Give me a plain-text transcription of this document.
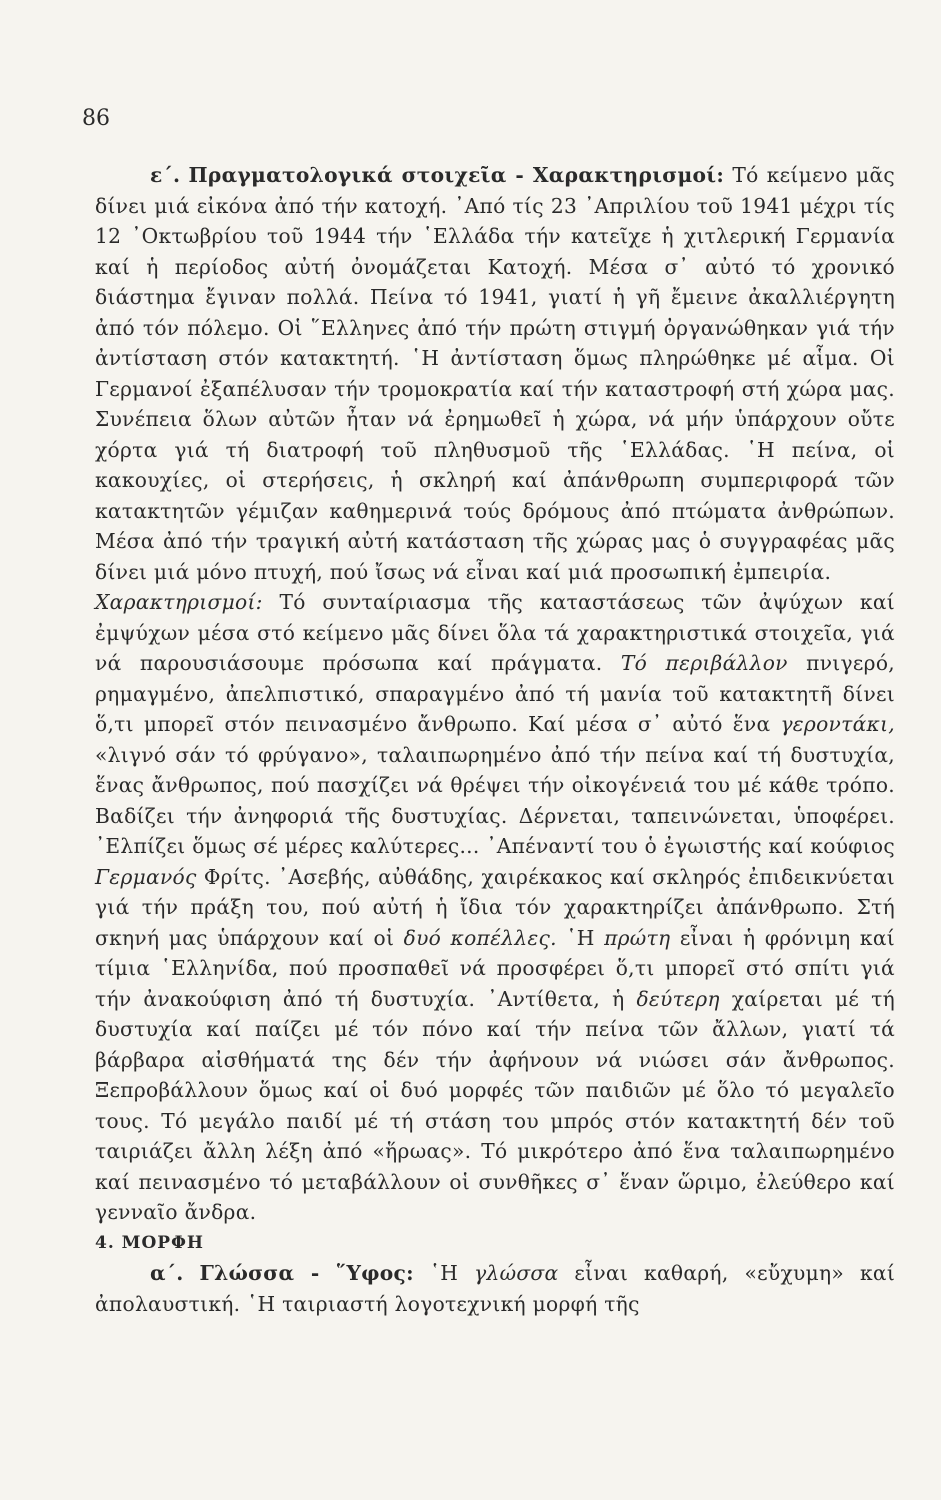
86

ε΄. Πραγματολογικά στοιχεῖα - Χαρακτηρισμοί: Τό κείμενο μᾶς δίνει μιά εἰκόνα ἀπό τήν κατοχή. ᾿Από τίς 23 ᾿Απριλίου τοῦ 1941 μέχρι τίς 12 ᾿Οκτωβρίου τοῦ 1944 τήν ῾Ελλάδα τήν κατεῖχε ἡ χιτλερική Γερμανία καί ἡ περίοδος αὐτή ὀνομάζεται Κατοχή. Μέσα σ᾿ αὐτό τό χρονικό διάστημα ἔγιναν πολλά. Πείνα τό 1941, γιατί ἡ γῆ ἔμεινε ἀκαλλιέργητη ἀπό τόν πόλεμο. Οἱ ῞Ελληνες ἀπό τήν πρώτη στιγμή ὀργανώθηκαν γιά τήν ἀντίσταση στόν κατακτητή. ῾Η ἀντίσταση ὅμως πληρώθηκε μέ αἷμα. Οἱ Γερμανοί ἐξαπέλυσαν τήν τρομοκρατία καί τήν καταστροφή στή χώρα μας. Συνέπεια ὅλων αὐτῶν ἦταν νά ἐρημωθεῖ ἡ χώρα, νά μήν ὑπάρχουν οὔτε χόρτα γιά τή διατροφή τοῦ πληθυσμοῦ τῆς ῾Ελλάδας. ῾Η πείνα, οἱ κακουχίες, οἱ στερήσεις, ἡ σκληρή καί ἀπάνθρωπη συμπεριφορά τῶν κατακτητῶν γέμιζαν καθημερινά τούς δρόμους ἀπό πτώματα ἀνθρώπων. Μέσα ἀπό τήν τραγική αὐτή κατάσταση τῆς χώρας μας ὁ συγγραφέας μᾶς δίνει μιά μόνο πτυχή, πού ἴσως νά εἶναι καί μιά προσωπική ἐμπειρία.

Χαρακτηρισμοί: Τό συνταίριασμα τῆς καταστάσεως τῶν ἀψύχων καί ἐμψύχων μέσα στό κείμενο μᾶς δίνει ὅλα τά χαρακτηριστικά στοιχεῖα, γιά νά παρουσιάσουμε πρόσωπα καί πράγματα. Τό περιβάλλον πνιγερό, ρημαγμένο, ἀπελπιστικό, σπαραγμένο ἀπό τή μανία τοῦ κατακτητῆ δίνει ὅ,τι μπορεῖ στόν πεινασμένο ἄνθρωπο. Καί μέσα σ᾿ αὐτό ἕνα γεροντάκι, «λιγνό σάν τό φρύγανο», ταλαιπωρημένο ἀπό τήν πείνα καί τή δυστυχία, ἕνας ἄνθρωπος, πού πασχίζει νά θρέψει τήν οἰκογένειά του μέ κάθε τρόπο. Βαδίζει τήν ἀνηφοριά τῆς δυστυχίας. Δέρνεται, ταπεινώνεται, ὑποφέρει. ᾿Ελπίζει ὅμως σέ μέρες καλύτερες... ᾿Απέναντί του ὁ ἐγωιστής καί κούφιος Γερμανός Φρίτς. ᾿Ασεβής, αὐθάδης, χαιρέκακος καί σκληρός ἐπιδεικνύεται γιά τήν πράξη του, πού αὐτή ἡ ἴδια τόν χαρακτηρίζει ἀπάνθρωπο. Στή σκηνή μας ὑπάρχουν καί οἱ δυό κοπέλλες. ῾Η πρώτη εἶναι ἡ φρόνιμη καί τίμια ῾Ελληνίδα, πού προσπαθεῖ νά προσφέρει ὅ,τι μπορεῖ στό σπίτι γιά τήν ἀνακούφιση ἀπό τή δυστυχία. ᾿Αντίθετα, ἡ δεύτερη χαίρεται μέ τή δυστυχία καί παίζει μέ τόν πόνο καί τήν πείνα τῶν ἄλλων, γιατί τά βάρβαρα αἰσθήματά της δέν τήν ἀφήνουν νά νιώσει σάν ἄνθρωπος. Ξεπροβάλλουν ὅμως καί οἱ δυό μορφές τῶν παιδιῶν μέ ὅλο τό μεγαλεῖο τους. Τό μεγάλο παιδί μέ τή στάση του μπρός στόν κατακτητή δέν τοῦ ταιριάζει ἄλλη λέξη ἀπό «ἥρωας». Τό μικρότερο ἀπό ἕνα ταλαιπωρημένο καί πεινασμένο τό μεταβάλλουν οἱ συνθῆκες σ᾿ ἕναν ὥριμο, ἐλεύθερο καί γενναῖο ἄνδρα.

4. ΜΟΡΦΗ

α΄. Γλώσσα - ῞Υφος: ῾Η γλώσσα εἶναι καθαρή, «εὔχυμη» καί ἀπολαυστική. ῾Η ταιριαστή λογοτεχνική μορφή τῆς
